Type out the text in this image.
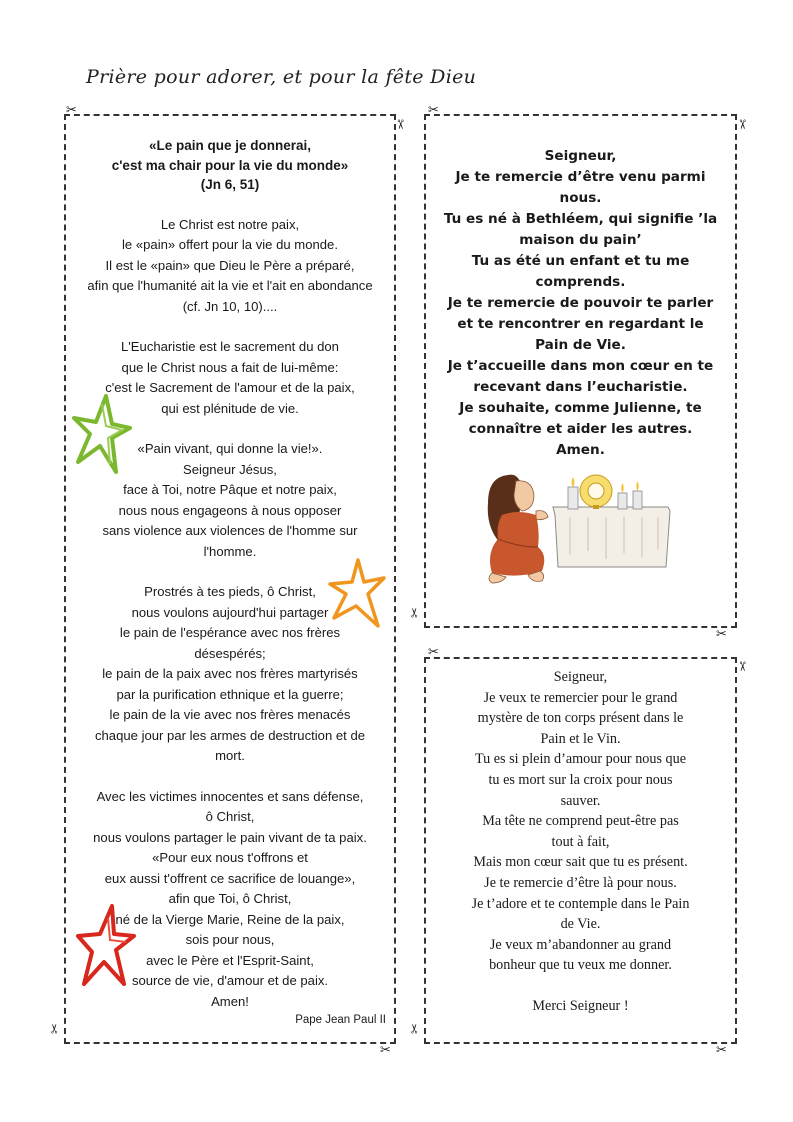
Prière pour adorer, et pour la fête Dieu
«Le pain que je donnerai,
c'est ma chair pour la vie du monde»
(Jn 6, 51)
Le Christ est notre paix,
le «pain» offert pour la vie du monde.
Il est le «pain» que Dieu le Père a préparé,
afin que l'humanité ait la vie et l'ait en abondance
(cf. Jn 10, 10)....
L'Eucharistie est le sacrement du don
que le Christ nous a fait de lui-même:
c'est le Sacrement de l'amour et de la paix,
qui est plénitude de vie.
«Pain vivant, qui donne la vie!».
Seigneur Jésus,
face à Toi, notre Pâque et notre paix,
nous nous engageons à nous opposer
sans violence aux violences de l'homme sur
l'homme.
Prostrés à tes pieds, ô Christ,
nous voulons aujourd'hui partager
le pain de l'espérance avec nos frères
désespérés;
le pain de la paix avec nos frères martyrisés
par la purification ethnique et la guerre;
le pain de la vie avec nos frères menacés
chaque jour par les armes de destruction et de
mort.
Avec les victimes innocentes et sans défense,
ô Christ,
nous voulons partager le pain vivant de ta paix.
«Pour eux nous t'offrons et
eux aussi t'offrent ce sacrifice de louange»,
afin que Toi, ô Christ,
né de la Vierge Marie, Reine de la paix,
sois pour nous,
avec le Père et l'Esprit-Saint,
source de vie, d'amour et de paix.
Amen!
Pape Jean Paul II
Seigneur,
Je te remercie d’être venu parmi
nous.
Tu es né à Bethléem, qui signifie ’la
maison du pain’
Tu as été un enfant et tu me
comprends.
Je te remercie de pouvoir te parler
et te rencontrer en regardant le
Pain de Vie.
Je t’accueille dans mon cœur en te
recevant dans l’eucharistie.
Je souhaite, comme Julienne, te
connaître et aider les autres.
Amen.
Seigneur,
Je veux te remercier pour le grand
mystère de ton corps présent dans le
Pain et le Vin.
Tu es si plein d’amour pour nous que
tu es mort sur la croix pour nous
sauver.
Ma tête ne comprend peut-être pas
tout à fait,
Mais mon cœur sait que tu es présent.
Je te remercie d’être là pour nous.
Je t’adore et te contemple dans le Pain
de Vie.
Je veux m’abandonner au grand
bonheur que tu veux me donner.
Merci Seigneur !
✂
✂
✂
✂
✂
✂
✂
✂
✂
✂
✂
✂
